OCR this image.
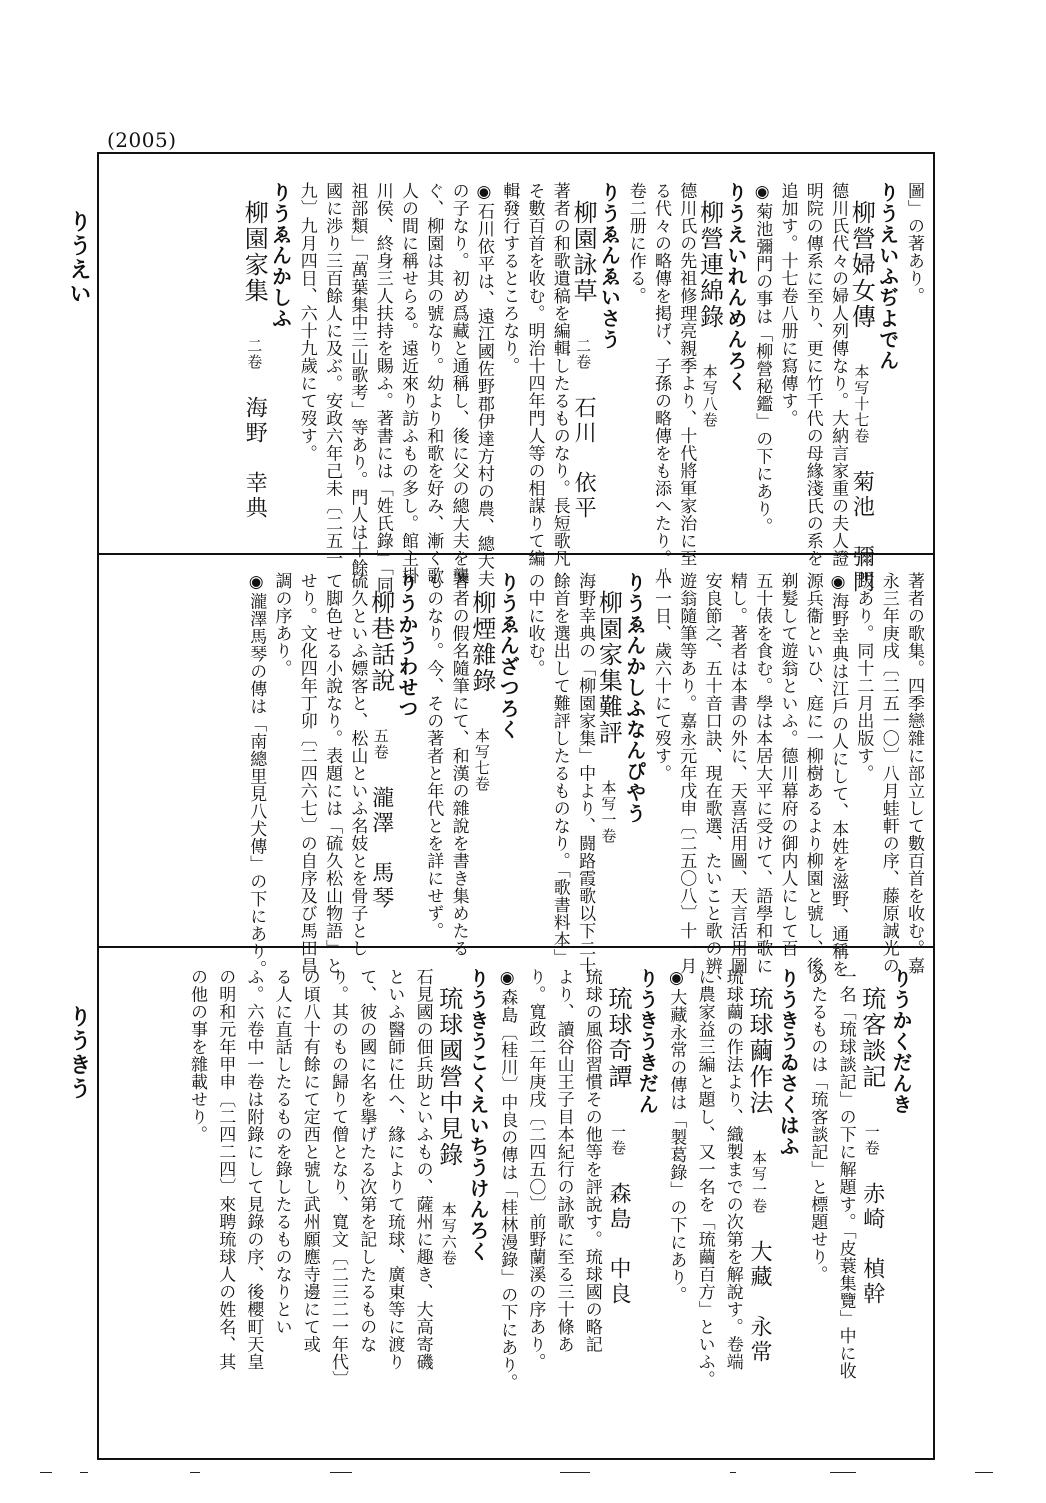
(2005)
りうえい
りうきう
圖」の著あり。
りうえいふぢよでん
柳營婦女傳本写十七卷菊池　彌門
德川氏代々の婦人列傳なり。大納言家重の夫人證
明院の傳系に至り、更に竹千代の母緣淺氏の系を
追加す。十七卷八册に寫傳す。
◉菊池彌門の事は「柳營秘鑑」の下にあり。
りうえいれんめんろく
柳營連綿錄本写八卷
德川氏の先祖修理亮親季より、十代將軍家治に至
る代々の略傳を掲げ、子孫の略傳をも添へたり。八
卷二册に作る。
りうゑんゑいさう
柳園詠草二卷石川　依平
著者の和歌遺稿を編輯したるものなり。長短歌凡
そ數百首を收む。明治十四年門人等の相謀りて編
輯發行するところなり。
◉石川依平は、遠江國佐野郡伊達方村の農、總大夫
の子なり。初め爲藏と通稱し、後に父の總大夫を襲
ぐ、柳園は其の號なり。幼より和歌を好み、漸く歌
人の間に稱せらる。遠近來り訪ふもの多し。館主掛
川侯、終身三人扶持を賜ふ。著書には「姓氏錄」「同
祖部類」「萬葉集中三山歌考」等あり。門人は十餘
國に渉り三百餘人に及ぶ。安政六年己未〔二五一
九〕九月四日、六十九歲にて歿す。
りうゑんかしふ
柳園家集二卷海野　幸典
著者の歌集。四季戀雜に部立して數百首を收む。嘉
永三年庚戌〔二五一〇〕八月蛙軒の序、藤原誠光の
跋あり。同十二月出版す。
◉海野幸典は江戶の人にして、本姓を滋野、通稱を
源兵衞といひ、庭に一柳樹あるより柳園と號し、後
剃髮して遊翁といふ。德川幕府の御内人にして百
五十俵を食む。學は本居大平に受けて、語學和歌に
精し。著者は本書の外に、天喜活用圖、天言活用圖
安良節之、五十音口訣、現在歌選、たいこと歌の辨、
遊翁隨筆等あり。嘉永元年戊申〔二五〇八〕十一月
十一日、歲六十にて歿す。
りうゑんかしふなんぴやう
柳園家集難評本写一卷
海野幸典の「柳園家集」中より、闘路霞歌以下二十
餘首を選出して難評したるものなり。「歌書料本」
の中に收む。
りうゑんざつろく
柳煙雜錄本写七卷
著者の假名隨筆にて、和漢の雜說を書き集めたる
ものなり。今、その著者と年代とを詳にせず。
りうかうわせつ
柳巷話說五卷瀧澤　馬琴
硫久といふ嫖客と、松山といふ名妓とを骨子とし
て脚色せる小說なり。表題には「硫久松山物語」と
せり。文化四年丁卯〔二四六七〕の自序及び馬田昌
調の序あり。
◉瀧澤馬琴の傳は「南總里見八犬傳」の下にあり。
りうかくだんき
琉客談記一卷赤崎　楨幹
一名「琉球談記」の下に解題す。「皮蓑集覽」中に收
めたるものは「琉客談記」と標題せり。
りうきうゐさくはふ
琉球繭作法本写一卷大藏　永常
琉球繭の作法より、織製までの次第を解說す。卷端
に農家益三編と題し、又一名を「琉繭百方」といふ。
◉大藏永常の傳は「製葛錄」の下にあり。
りうきうきだん
琉球奇譚一卷森島　中良
琉球の風俗習慣その他等を評說す。琉球國の略記
より、讀谷山王子目本紀行の詠歌に至る三十條あ
り。寬政二年庚戌〔二四五〇〕前野蘭溪の序あり。
◉森島〔桂川〕中良の傳は「桂林漫錄」の下にあり。
りうきうこくえいちうけんろく
琉球國營中見錄本写六卷
石見國の佃兵助といふもの、薩州に趣き、大高寄磯
といふ醫師に仕へ、緣によりて琉球、廣東等に渡り
て、彼の國に名を擧げたる次第を記したるものな
り。其のもの歸りて僧となり、寬文〔二三二一年代〕
の頃八十有餘にて定西と號し武州願應寺邊にて或
る人に直話したるものを錄したるものなりとい
ふ。六卷中一卷は附錄にして見錄の序、後櫻町天皇
の明和元年甲申〔二四二四〕來聘琉球人の姓名、其
の他の事を雜載せり。
